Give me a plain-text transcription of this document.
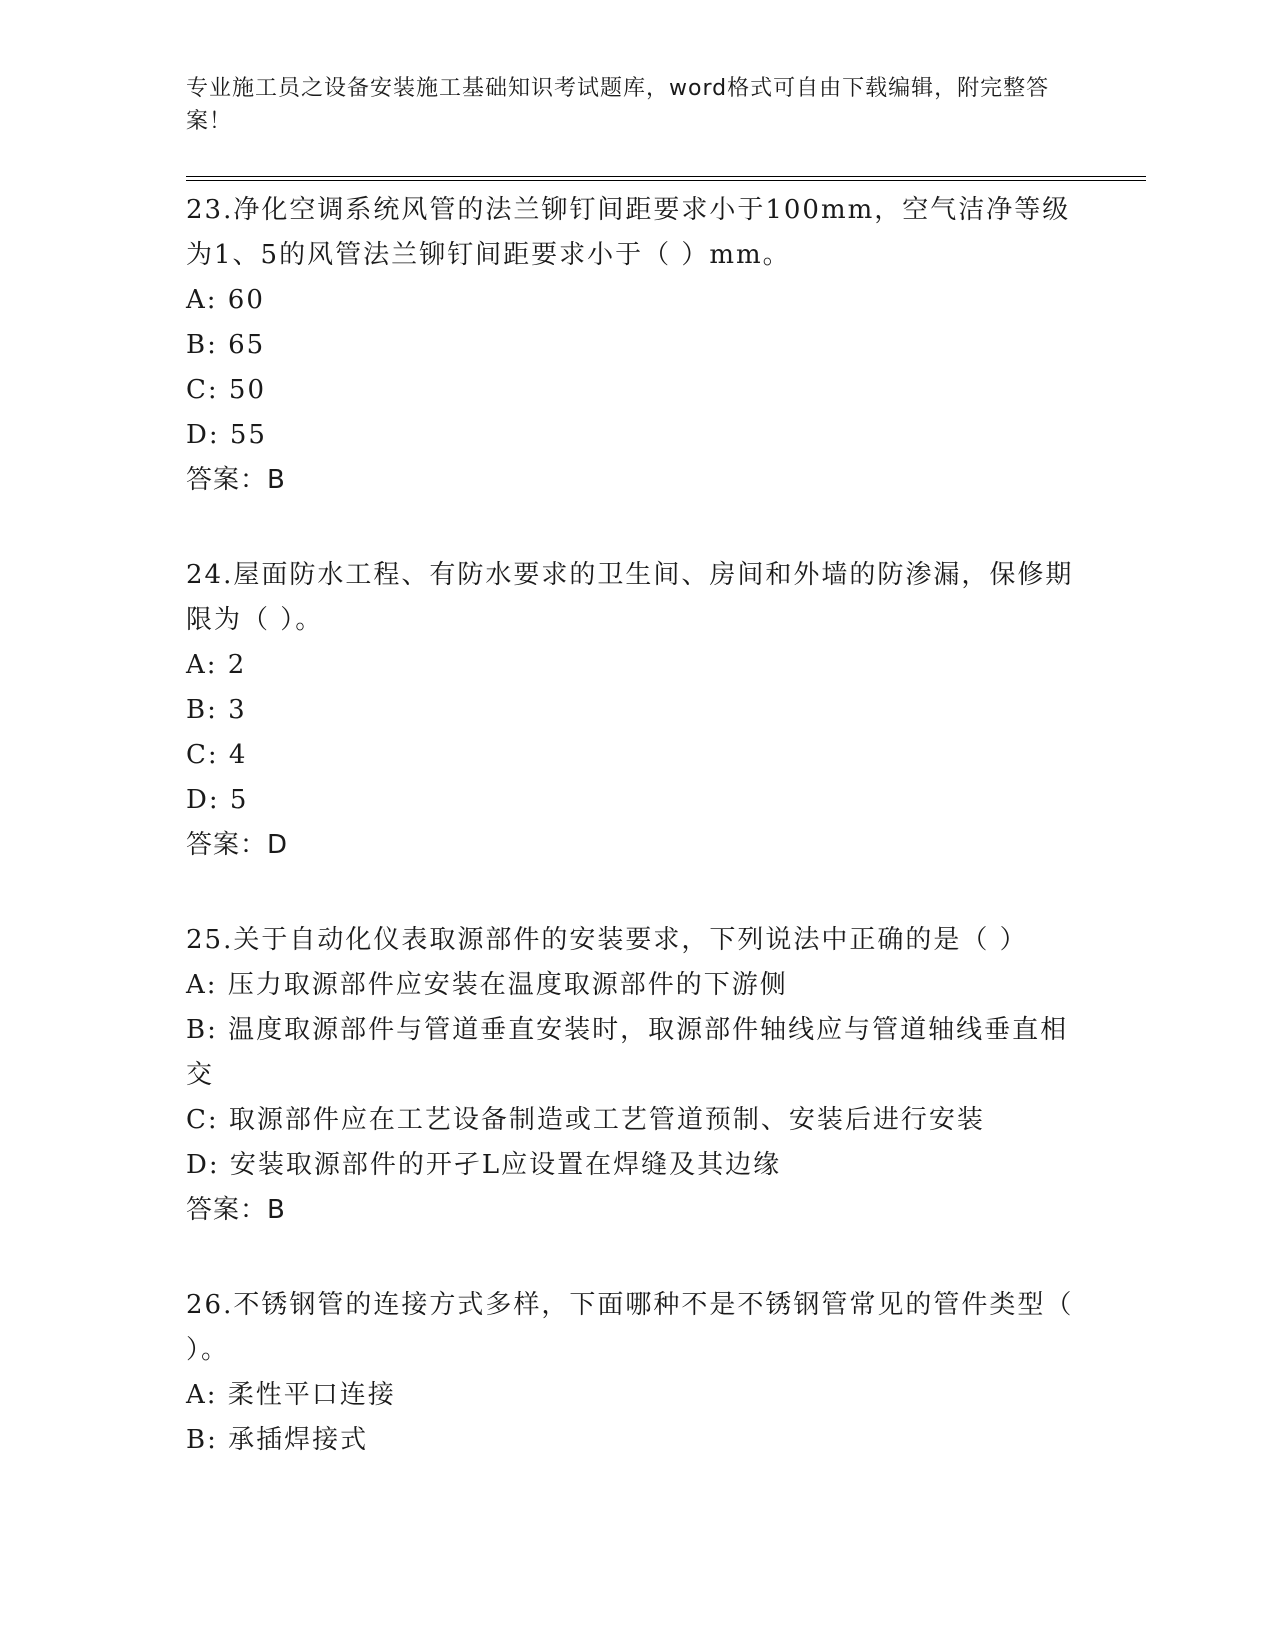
专业施工员之设备安装施工基础知识考试题库，word格式可自由下载编辑，附完整答案！

23.净化空调系统风管的法兰铆钉间距要求小于100mm，空气洁净等级为1、5的风管法兰铆钉间距要求小于（ ）mm。

A: 60

B: 65

C: 50

D: 55

答案：B

24.屋面防水工程、有防水要求的卫生间、房间和外墙的防渗漏，保修期限为（ ）。

A: 2

B: 3

C: 4

D: 5

答案：D

25.关于自动化仪表取源部件的安装要求，下列说法中正确的是（ ）

A: 压力取源部件应安装在温度取源部件的下游侧

B: 温度取源部件与管道垂直安装时，取源部件轴线应与管道轴线垂直相交

C: 取源部件应在工艺设备制造或工艺管道预制、安装后进行安装

D: 安装取源部件的开孑L应设置在焊缝及其边缘

答案：B

26.不锈钢管的连接方式多样，下面哪种不是不锈钢管常见的管件类型（ ）。

A: 柔性平口连接

B: 承插焊接式
